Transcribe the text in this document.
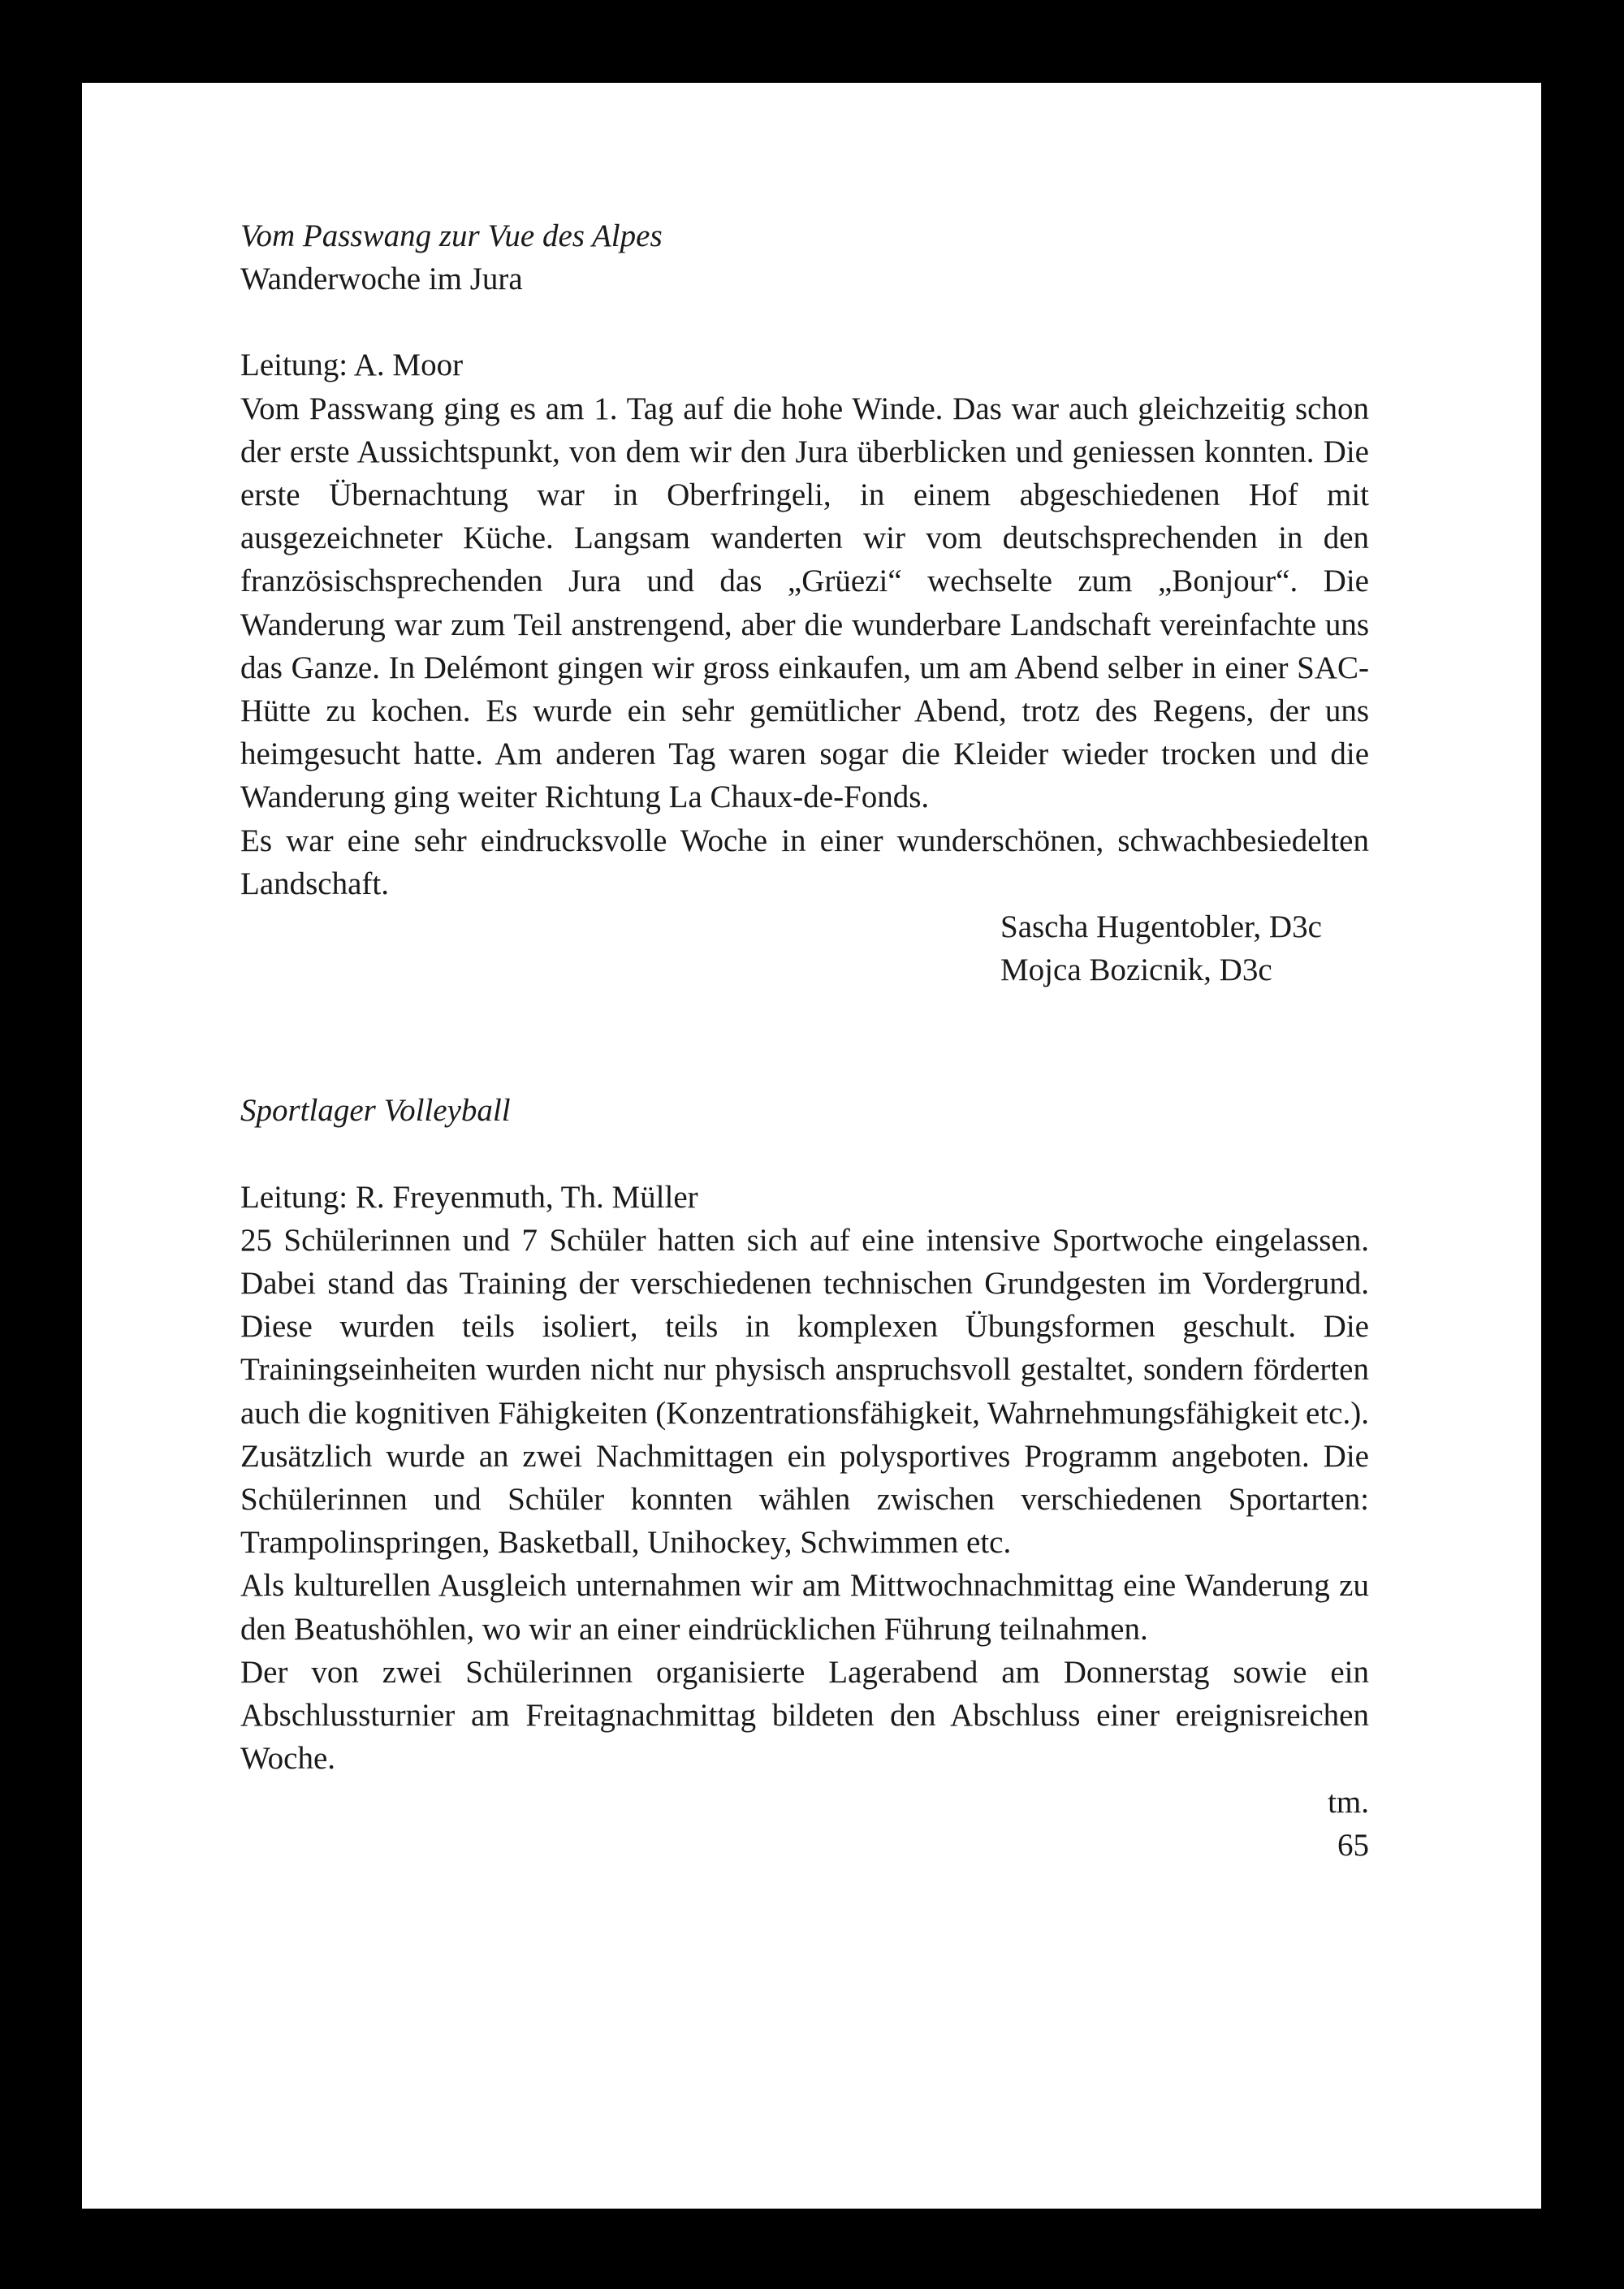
Vom Passwang zur Vue des Alpes

Wanderwoche im Jura

Leitung: A. Moor

Vom Passwang ging es am 1. Tag auf die hohe Winde. Das war auch gleichzeitig schon der erste Aussichtspunkt, von dem wir den Jura überblicken und geniessen konnten. Die erste Übernachtung war in Oberfringeli, in einem abgeschiedenen Hof mit ausgezeichneter Küche. Langsam wanderten wir vom deutschsprechenden in den französischsprechenden Jura und das „Grüezi“ wechselte zum „Bonjour“. Die Wanderung war zum Teil anstrengend, aber die wunderbare Landschaft vereinfachte uns das Ganze. In Delémont gingen wir gross einkaufen, um am Abend selber in einer SAC-Hütte zu kochen. Es wurde ein sehr gemütlicher Abend, trotz des Regens, der uns heimgesucht hatte. Am anderen Tag waren sogar die Kleider wieder trocken und die Wanderung ging weiter Richtung La Chaux-de-Fonds.

Es war eine sehr eindrucksvolle Woche in einer wunderschönen, schwachbesiedelten Landschaft.

Sascha Hugentobler, D3c

Mojca Bozicnik, D3c

Sportlager Volleyball

Leitung: R. Freyenmuth, Th. Müller

25 Schülerinnen und 7 Schüler hatten sich auf eine intensive Sportwoche eingelassen. Dabei stand das Training der verschiedenen technischen Grundgesten im Vordergrund. Diese wurden teils isoliert, teils in komplexen Übungsformen geschult. Die Trainingseinheiten wurden nicht nur physisch anspruchsvoll gestaltet, sondern förderten auch die kognitiven Fähigkeiten (Konzentrationsfähigkeit, Wahrnehmungsfähigkeit etc.).

Zusätzlich wurde an zwei Nachmittagen ein polysportives Programm angeboten. Die Schülerinnen und Schüler konnten wählen zwischen verschiedenen Sportarten: Trampolinspringen, Basketball, Unihockey, Schwimmen etc.

Als kulturellen Ausgleich unternahmen wir am Mittwochnachmittag eine Wanderung zu den Beatushöhlen, wo wir an einer eindrücklichen Führung teilnahmen.

Der von zwei Schülerinnen organisierte Lagerabend am Donnerstag sowie ein Abschlussturnier am Freitagnachmittag bildeten den Abschluss einer ereignisreichen Woche.

tm.

65
